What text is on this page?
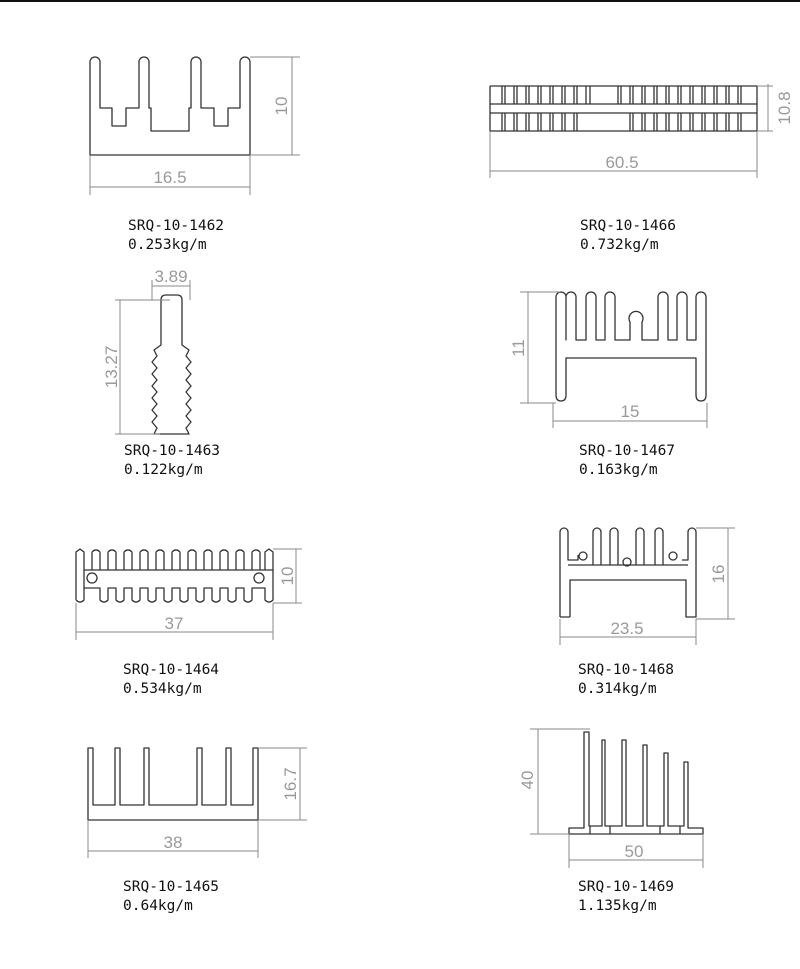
10
16.5
10.8
60.5
13.27
3.89
11
15
10
37
16
23.5
16.7
38
40
50
SRQ-10-1462
0.253kg/m
SRQ-10-1466
0.732kg/m
SRQ-10-1463
0.122kg/m
SRQ-10-1467
0.163kg/m
SRQ-10-1464
0.534kg/m
SRQ-10-1468
0.314kg/m
SRQ-10-1465
0.64kg/m
SRQ-10-1469
1.135kg/m
